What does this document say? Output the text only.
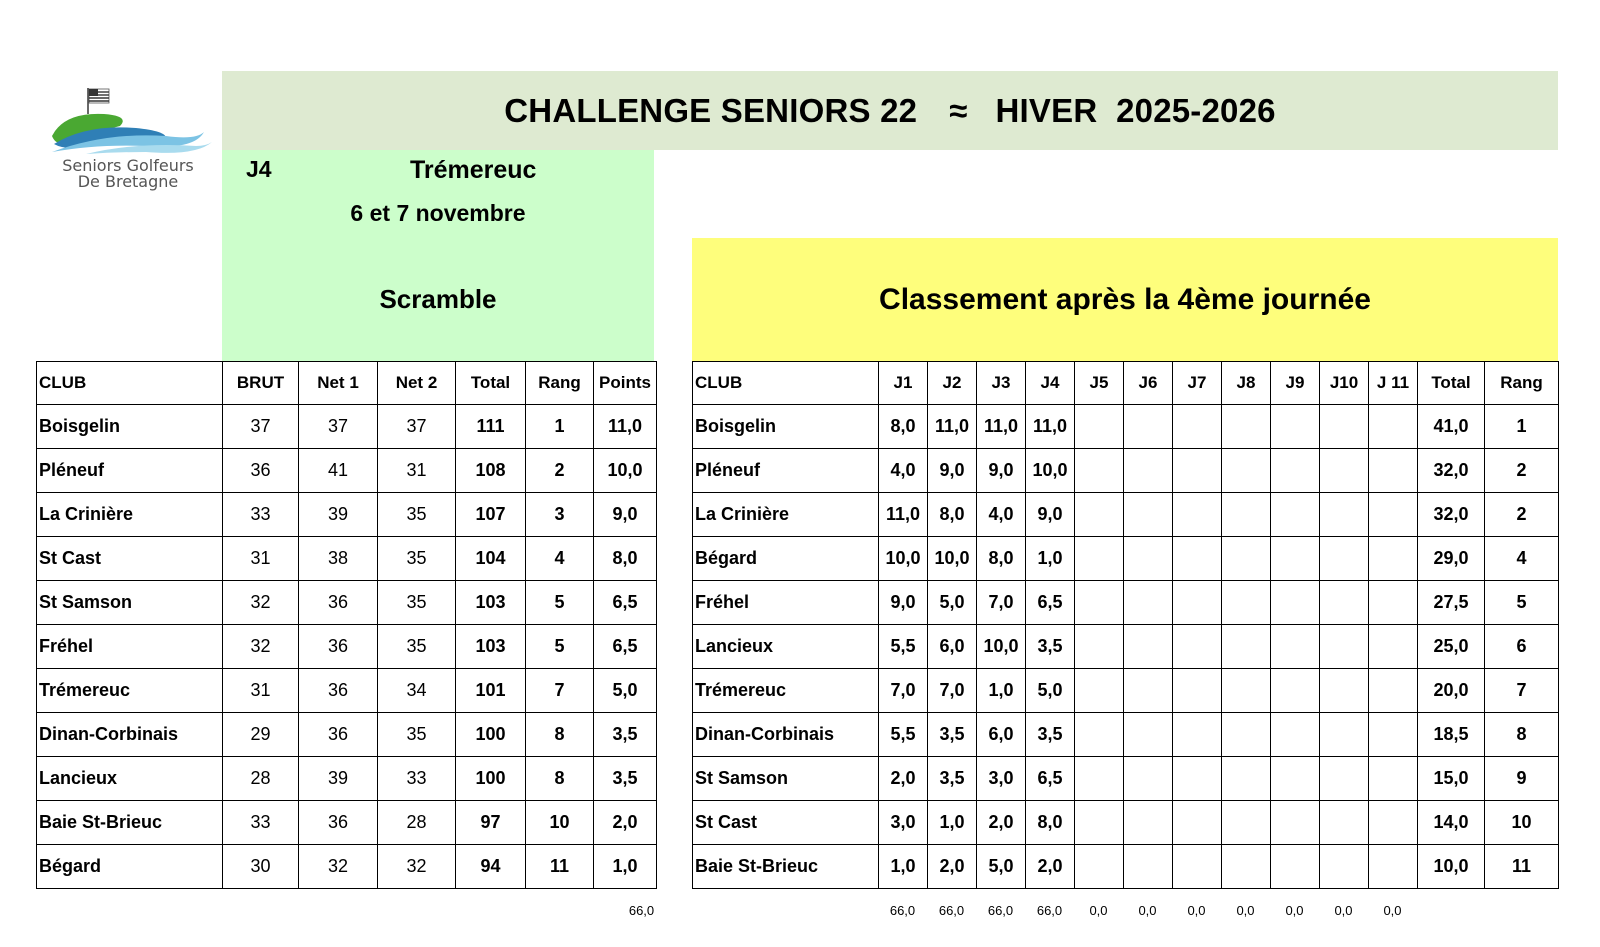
Seniors Golfeurs
De Bretagne
CHALLENGE SENIORS 22 ≈ HIVER  2025-2026
J4	Trémereuc
6 et 7 novembre
Scramble	Classement après la 4ème journée
CLUB	BRUT	Net 1	Net 2	Total	Rang	Points
Boisgelin	37	37	37	111	1	11,0
Pléneuf	36	41	31	108	2	10,0
La Crinière	33	39	35	107	3	9,0
St Cast	31	38	35	104	4	8,0
St Samson	32	36	35	103	5	6,5
Fréhel	32	36	35	103	5	6,5
Trémereuc	31	36	34	101	7	5,0
Dinan-Corbinais	29	36	35	100	8	3,5
Lancieux	28	39	33	100	8	3,5
Baie St-Brieuc	33	36	28	97	10	2,0
Bégard	30	32	32	94	11	1,0
66,0
CLUB	J1	J2	J3	J4	J5	J6	J7	J8	J9	J10	J 11	Total	Rang
Boisgelin	8,0	11,0	11,0	11,0								41,0	1
Pléneuf	4,0	9,0	9,0	10,0								32,0	2
La Crinière	11,0	8,0	4,0	9,0								32,0	2
Bégard	10,0	10,0	8,0	1,0								29,0	4
Fréhel	9,0	5,0	7,0	6,5								27,5	5
Lancieux	5,5	6,0	10,0	3,5								25,0	6
Trémereuc	7,0	7,0	1,0	5,0								20,0	7
Dinan-Corbinais	5,5	3,5	6,0	3,5								18,5	8
St Samson	2,0	3,5	3,0	6,5								15,0	9
St Cast	3,0	1,0	2,0	8,0								14,0	10
Baie St-Brieuc	1,0	2,0	5,0	2,0								10,0	11
66,0	66,0	66,0	66,0	0,0	0,0	0,0	0,0	0,0	0,0	0,0
